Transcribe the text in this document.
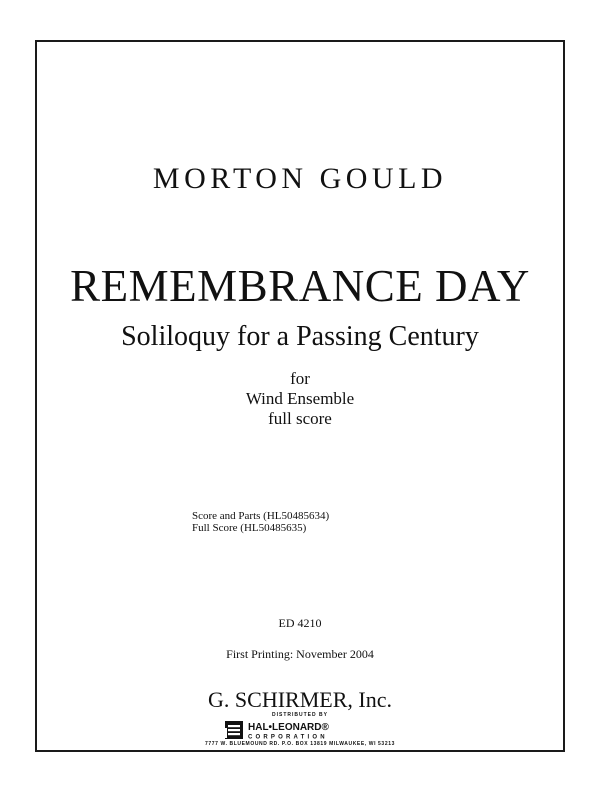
MORTON GOULD
REMEMBRANCE DAY
Soliloquy for a Passing Century
for
Wind Ensemble
full score
Score and Parts (HL50485634)
Full Score (HL50485635)
ED 4210
First Printing: November 2004
G. SCHIRMER, Inc.
DISTRIBUTED BY
HAL•LEONARD®
CORPORATION
7777 W. BLUEMOUND RD. P.O. BOX 13819 MILWAUKEE, WI 53213
